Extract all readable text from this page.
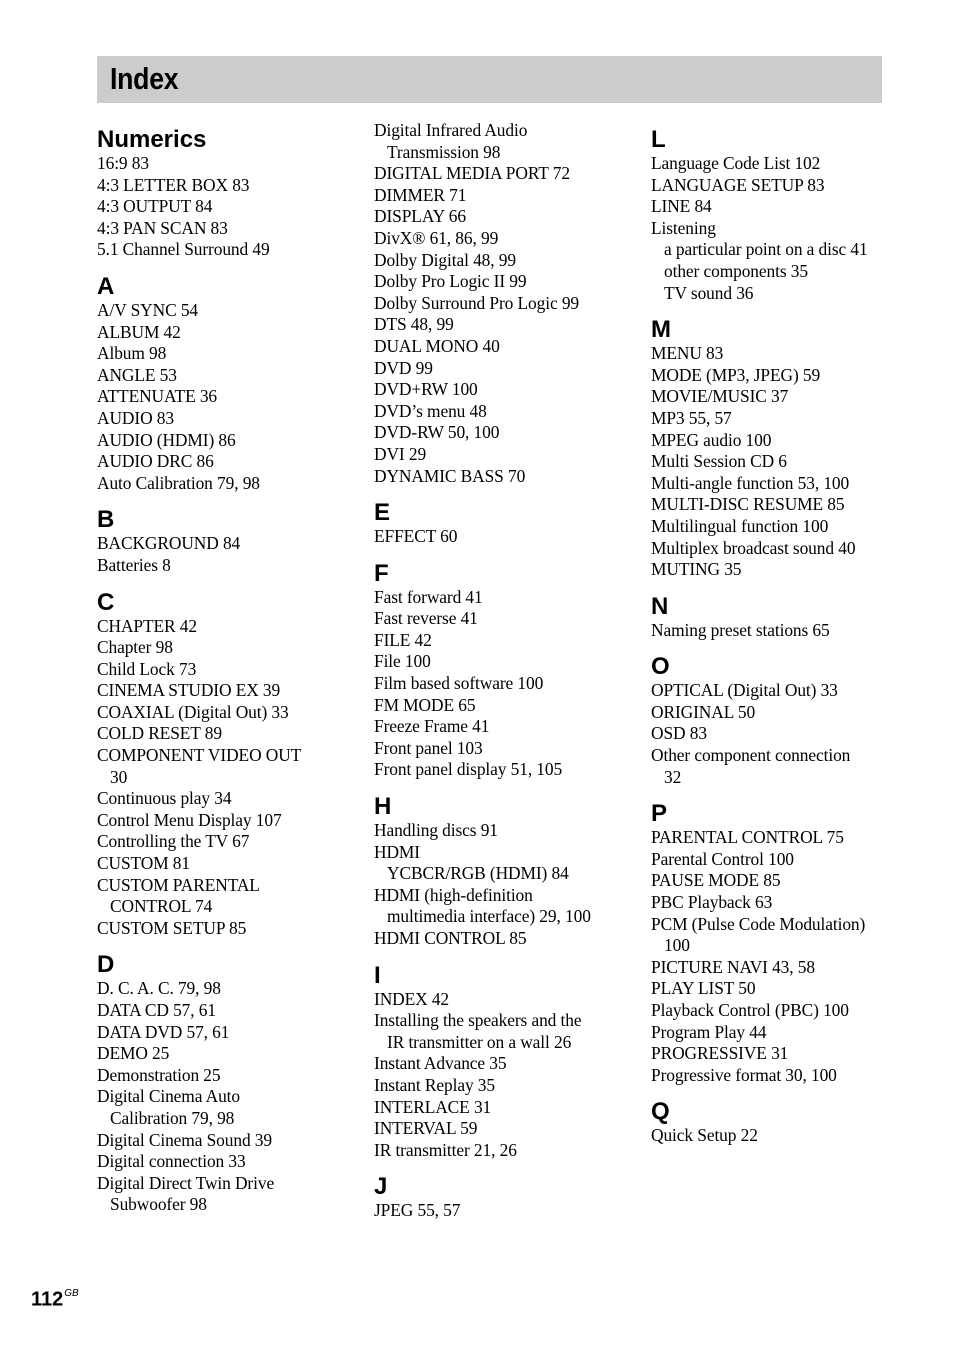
Index
Numerics
16:9 83
4:3 LETTER BOX 83
4:3 OUTPUT 84
4:3 PAN SCAN 83
5.1 Channel Surround 49
A
A/V SYNC 54
ALBUM 42
Album 98
ANGLE 53
ATTENUATE 36
AUDIO 83
AUDIO (HDMI) 86
AUDIO DRC 86
Auto Calibration 79, 98
B
BACKGROUND 84
Batteries 8
C
CHAPTER 42
Chapter 98
Child Lock 73
CINEMA STUDIO EX 39
COAXIAL (Digital Out) 33
COLD RESET 89
COMPONENT VIDEO OUT
30
Continuous play 34
Control Menu Display 107
Controlling the TV 67
CUSTOM 81
CUSTOM PARENTAL
CONTROL 74
CUSTOM SETUP 85
D
D. C. A. C. 79, 98
DATA CD 57, 61
DATA DVD 57, 61
DEMO 25
Demonstration 25
Digital Cinema Auto
Calibration 79, 98
Digital Cinema Sound 39
Digital connection 33
Digital Direct Twin Drive
Subwoofer 98
Digital Infrared Audio
Transmission 98
DIGITAL MEDIA PORT 72
DIMMER 71
DISPLAY 66
DivX® 61, 86, 99
Dolby Digital 48, 99
Dolby Pro Logic II 99
Dolby Surround Pro Logic 99
DTS 48, 99
DUAL MONO 40
DVD 99
DVD+RW 100
DVD’s menu 48
DVD-RW 50, 100
DVI 29
DYNAMIC BASS 70
E
EFFECT 60
F
Fast forward 41
Fast reverse 41
FILE 42
File 100
Film based software 100
FM MODE 65
Freeze Frame 41
Front panel 103
Front panel display 51, 105
H
Handling discs 91
HDMI
YCBCR/RGB (HDMI) 84
HDMI (high-definition
multimedia interface) 29, 100
HDMI CONTROL 85
I
INDEX 42
Installing the speakers and the
IR transmitter on a wall 26
Instant Advance 35
Instant Replay 35
INTERLACE 31
INTERVAL 59
IR transmitter 21, 26
J
JPEG 55, 57
L
Language Code List 102
LANGUAGE SETUP 83
LINE 84
Listening
a particular point on a disc 41
other components 35
TV sound 36
M
MENU 83
MODE (MP3, JPEG) 59
MOVIE/MUSIC 37
MP3 55, 57
MPEG audio 100
Multi Session CD 6
Multi-angle function 53, 100
MULTI-DISC RESUME 85
Multilingual function 100
Multiplex broadcast sound 40
MUTING 35
N
Naming preset stations 65
O
OPTICAL (Digital Out) 33
ORIGINAL 50
OSD 83
Other component connection
32
P
PARENTAL CONTROL 75
Parental Control 100
PAUSE MODE 85
PBC Playback 63
PCM (Pulse Code Modulation)
100
PICTURE NAVI 43, 58
PLAY LIST 50
Playback Control (PBC) 100
Program Play 44
PROGRESSIVE 31
Progressive format 30, 100
Q
Quick Setup 22
$112^{GB}$
